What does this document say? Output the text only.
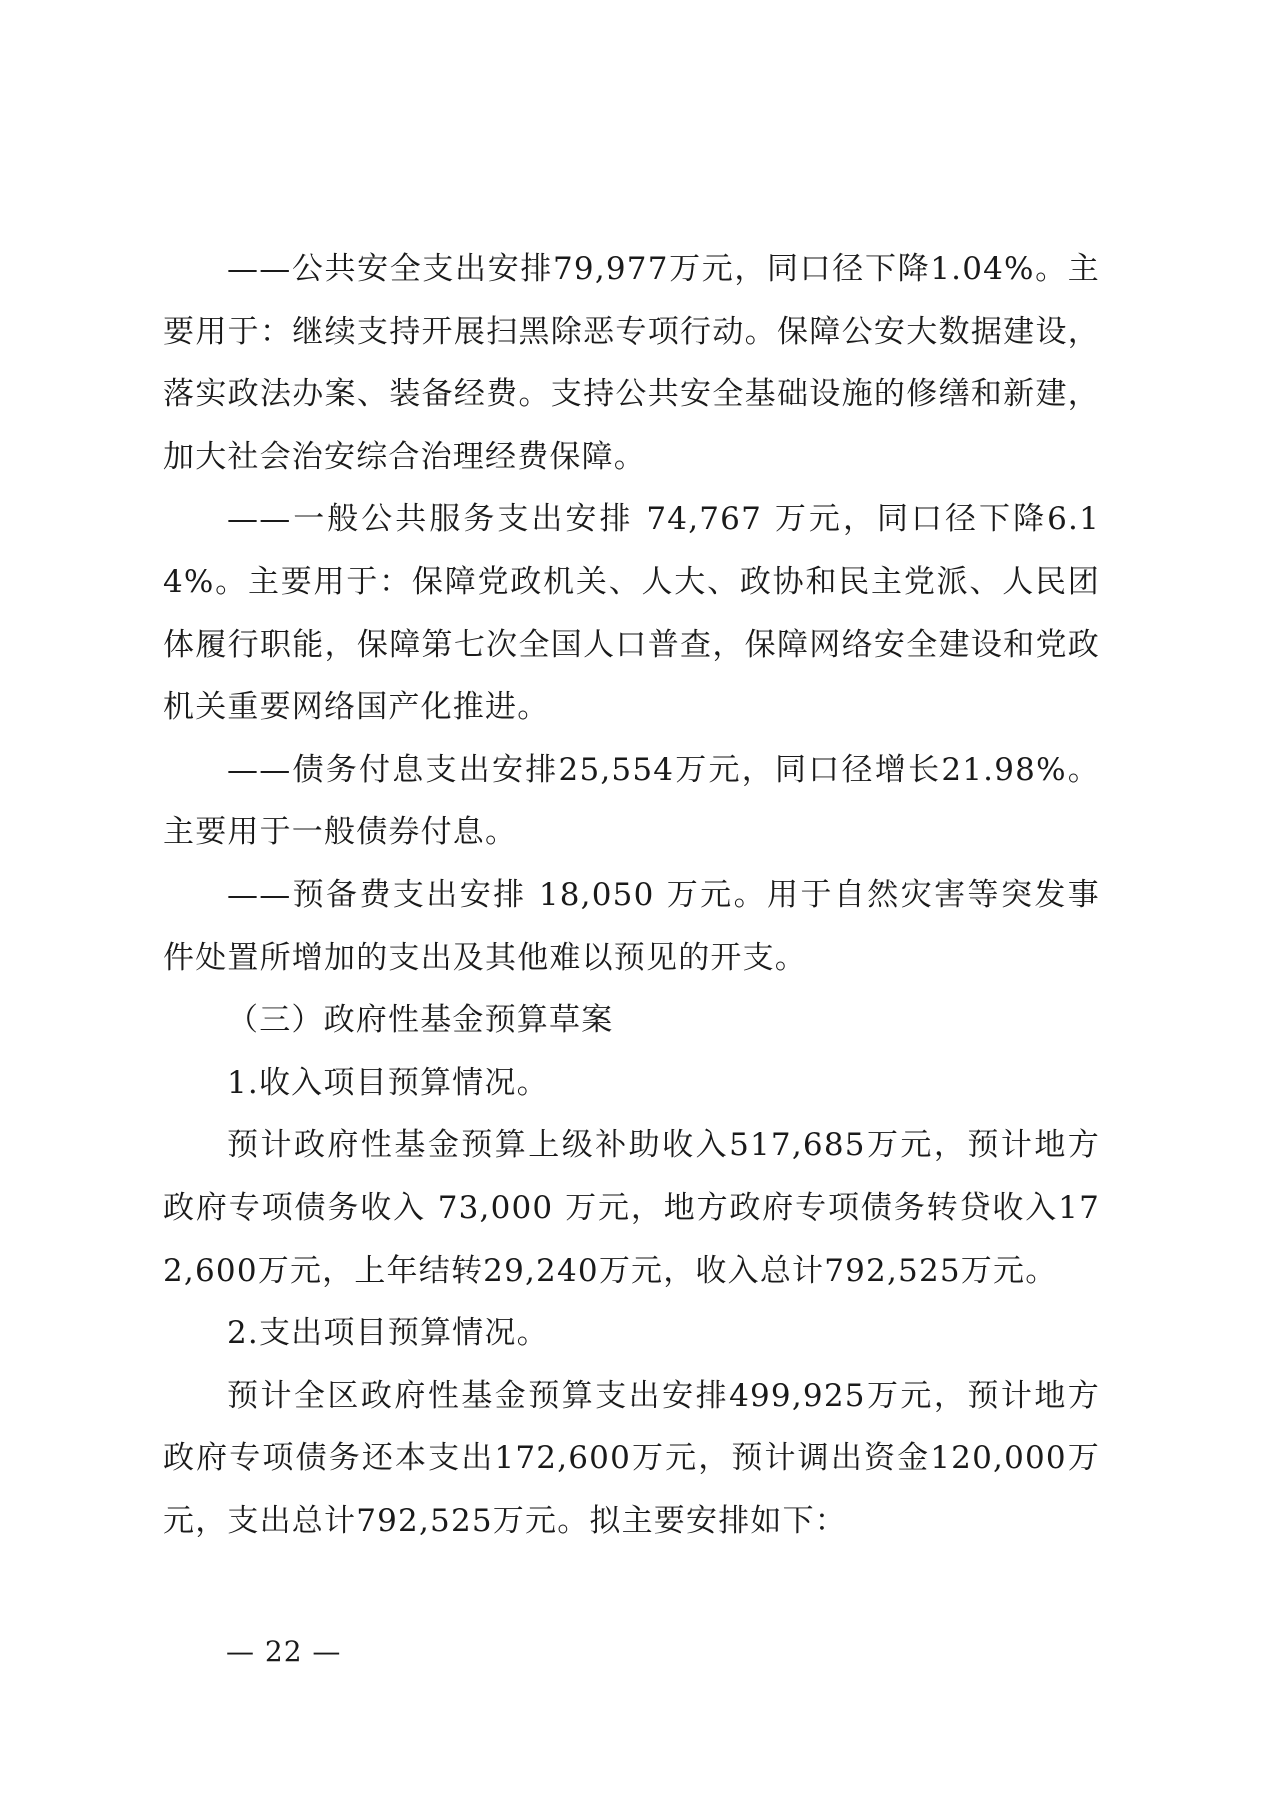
——公共安全支出安排79,977万元，同口径下降1.04%。主要用于：继续支持开展扫黑除恶专项行动。保障公安大数据建设，落实政法办案、装备经费。支持公共安全基础设施的修缮和新建，加大社会治安综合治理经费保障。

——一般公共服务支出安排 74,767 万元，同口径下降6.14%。主要用于：保障党政机关、人大、政协和民主党派、人民团体履行职能，保障第七次全国人口普查，保障网络安全建设和党政机关重要网络国产化推进。

——债务付息支出安排25,554万元，同口径增长21.98%。主要用于一般债券付息。

——预备费支出安排 18,050 万元。用于自然灾害等突发事件处置所增加的支出及其他难以预见的开支。

（三）政府性基金预算草案

1.收入项目预算情况。

预计政府性基金预算上级补助收入517,685万元，预计地方政府专项债务收入 73,000 万元，地方政府专项债务转贷收入172,600万元，上年结转29,240万元，收入总计792,525万元。

2.支出项目预算情况。

预计全区政府性基金预算支出安排499,925万元，预计地方政府专项债务还本支出172,600万元，预计调出资金120,000万元，支出总计792,525万元。拟主要安排如下：

— 22 —
